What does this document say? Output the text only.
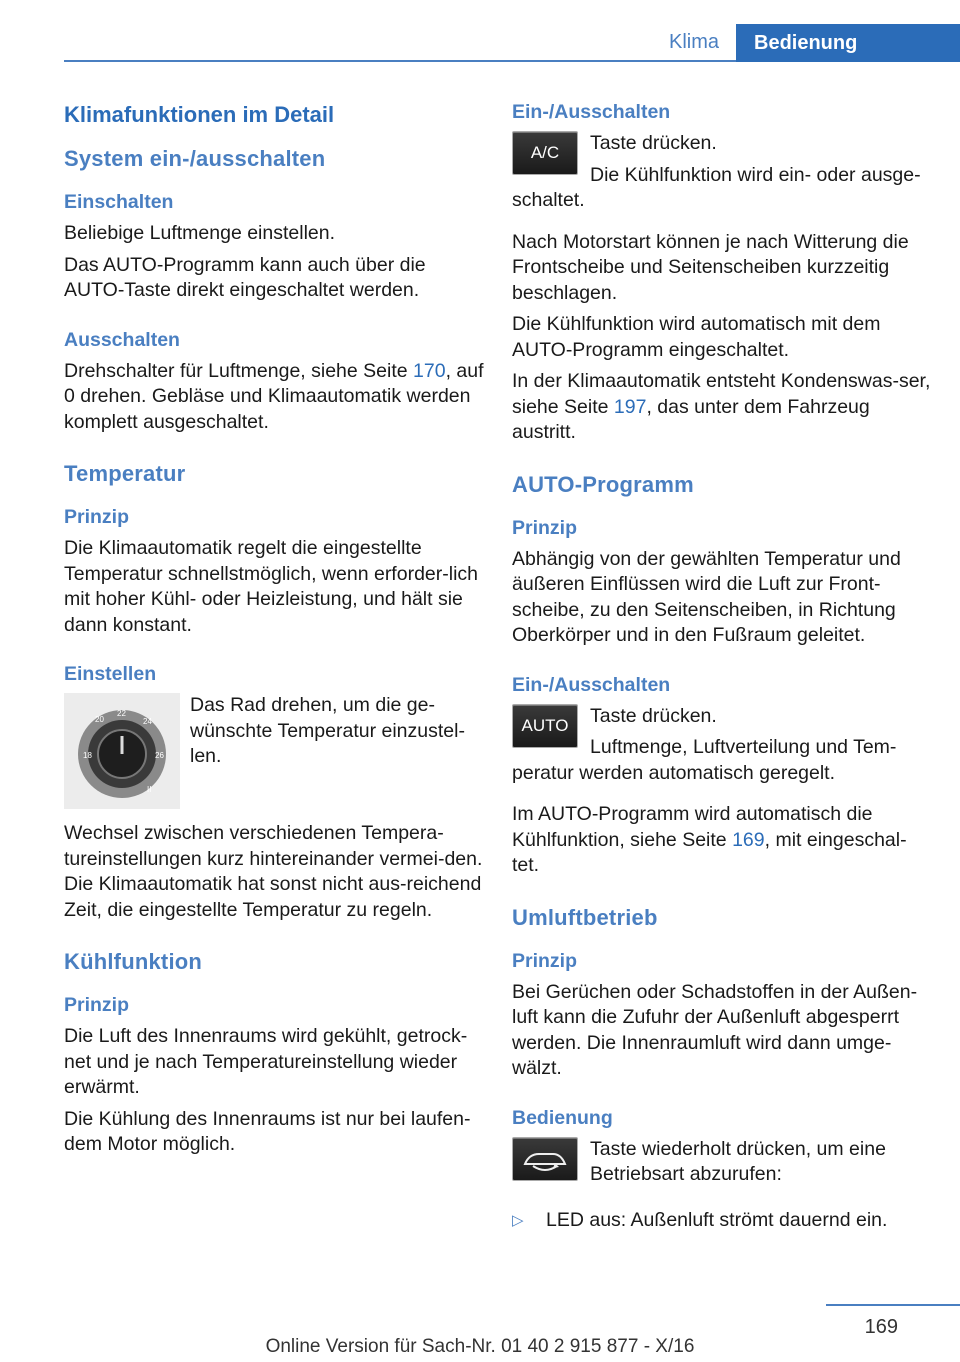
Klima	Bedienung
Klimafunktionen im Detail
System ein-/ausschalten
Einschalten

Beliebige Luftmenge einstellen.

Das AUTO-Programm kann auch über die AUTO-Taste direkt eingeschaltet werden.

Ausschalten

Drehschalter für Luftmenge, siehe Seite 170, auf 0 drehen. Gebläse und Klimaautomatik werden komplett ausgeschaltet.

Temperatur
Prinzip

Die Klimaautomatik regelt die eingestellte Temperatur schnellstmöglich, wenn erforder-lich mit hoher Kühl- oder Heizleistung, und hält sie dann konstant.

Einstellen
20
22
24
18	26
II

Das Rad drehen, um die ge-wünschte Temperatur einzustel-len.

Wechsel zwischen verschiedenen Tempera-tureinstellungen kurz hintereinander vermei-den. Die Klimaautomatik hat sonst nicht aus-reichend Zeit, die eingestellte Temperatur zu regeln.

Kühlfunktion
Prinzip

Die Luft des Innenraums wird gekühlt, getrock-net und je nach Temperatureinstellung wieder erwärmt.

Die Kühlung des Innenraums ist nur bei laufen-dem Motor möglich.

Ein-/Ausschalten
A/C	Taste drücken.

Die Kühlfunktion wird ein- oder ausge-schaltet.

Nach Motorstart können je nach Witterung die Frontscheibe und Seitenscheiben kurzzeitig beschlagen.

Die Kühlfunktion wird automatisch mit dem AUTO-Programm eingeschaltet.

In der Klimaautomatik entsteht Kondenswas-ser, siehe Seite 197, das unter dem Fahrzeug austritt.

AUTO-Programm
Prinzip

Abhängig von der gewählten Temperatur und äußeren Einflüssen wird die Luft zur Front-scheibe, zu den Seitenscheiben, in Richtung Oberkörper und in den Fußraum geleitet.

Ein-/Ausschalten
AUTO	Taste drücken.

Luftmenge, Luftverteilung und Tem-peratur werden automatisch geregelt.

Im AUTO-Programm wird automatisch die Kühlfunktion, siehe Seite 169, mit eingeschal-tet.

Umluftbetrieb
Prinzip

Bei Gerüchen oder Schadstoffen in der Außen-luft kann die Zufuhr der Außenluft abgesperrt werden. Die Innenraumluft wird dann umge-wälzt.

Bedienung

Taste wiederholt drücken, um eine Betriebsart abzurufen:

▷	LED aus: Außenluft strömt dauernd ein.
169
Online Version für Sach-Nr. 01 40 2 915 877 - X/16
